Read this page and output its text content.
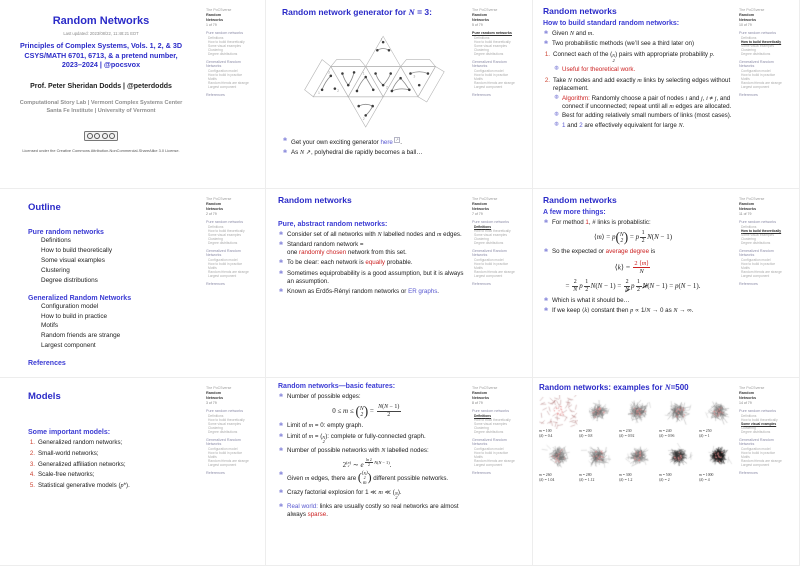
Random Networks
Last updated: 2023/08/22, 11:48:21 EDT
Principles of Complex Systems, Vols. 1, 2, & 3D
CSYS/MATH 6701, 6713, & a pretend number,
2023–2024 | @pocsvox
Prof. Peter Sheridan Dodds | @peterdodds
Computational Story Lab | Vermont Complex Systems Center
Santa Fe Institute | University of Vermont
Licensed under the Creative Commons Attribution-NonCommercial-ShareAlike 3.0 License.
The PoCSverse
Random Networks
1 of 79
Pure random networks
Definitions
How to build theoretically
Some visual examples
Clustering
Degree distributions
Generalized Random Networks
Configuration model
How to build in practice
Motifs
Random friends are strange
Largest component
References
Random network generator for N = 3:
1	2
3	1
2
3
1
2
❀ Get your own exciting generator here ↗ .
❀ As N ↗, polyhedral die rapidly becomes a ball…
The PoCSverse
Random Networks
5 of 79
Pure random networks
Definitions
How to build theoretically
Some visual examples
Clustering
Degree distributions
Generalized Random Networks
Configuration model
How to build in practice
Motifs
Random friends are strange
Largest component
References
Random networks
How to build standard random networks:
❀ Given N and m.
❀ Two probabilistic methods (we’ll see a third later on)
1. Connect each of the ( N
2
) pairs with appropriate probability p.
◍ Useful for theoretical work.
2. Take N nodes and add exactly m links by selecting edges without replacement.
◍ Algorithm: Randomly choose a pair of nodes i and j, i ≠ j, and connect if unconnected; repeat until all m edges are allocated.
◍ Best for adding relatively small numbers of links (most cases).
◍ 1 and 2 are effectively equivalent for large N.
The PoCSverse
Random Networks
10 of 79
Pure random networks
Definitions
How to build theoretically
Some visual examples
Clustering
Degree distributions
Generalized Random Networks
Configuration model
How to build in practice
Motifs
Random friends are strange
Largest component
References
Outline
Pure random networks
Definitions
How to build theoretically
Some visual examples
Clustering
Degree distributions
Generalized Random Networks
Configuration model
How to build in practice
Motifs
Random friends are strange
Largest component
References
The PoCSverse
Random Networks
2 of 79
Pure random networks
Definitions
How to build theoretically
Some visual examples
Clustering
Degree distributions
Generalized Random Networks
Configuration model
How to build in practice
Motifs
Random friends are strange
Largest component
References
Random networks
Pure, abstract random networks:
❀ Consider set of all networks with N labelled nodes and m edges.
❀ Standard random network =
one randomly chosen network from this set.
❀ To be clear: each network is equally probable.
❀ Sometimes equiprobability is a good assumption, but it is always an assumption.
❀ Known as Erdős-Rényi random networks or ER graphs.
The PoCSverse
Random Networks
7 of 79
Pure random networks
Definitions
How to build theoretically
Some visual examples
Clustering
Degree distributions
Generalized Random Networks
Configuration model
How to build in practice
Motifs
Random friends are strange
Largest component
References
Random networks
A few more things:
❀ For method 1, # links is probablistic:
⟨m⟩ = p( N
2 ) = p $\frac{1}{2} N(N - 1)$
❀ So the expected or average degree is
⟨k⟩ = $\frac{2 ⟨m⟩}{N}$
= $\frac{2}{N}$ p $\frac{1}{2} N(N - 1) = \frac{2}{N}$ p $\frac{1}{2} N(N - 1) = p(N - 1)$.
❀ Which is what it should be…
❀ If we keep ⟨k⟩ constant then p ∝ 1/N → 0 as N → ∞.
The PoCSverse
Random Networks
11 of 79
Pure random networks
Definitions
How to build theoretically
Some visual examples
Clustering
Degree distributions
Generalized Random Networks
Configuration model
How to build in practice
Motifs
Random friends are strange
Largest component
References
Models
Some important models:
1. Generalized random networks;
2. Small-world networks;
3. Generalized affiliation networks;
4. Scale-free networks;
5. Statistical generative models (p*).
The PoCSverse
Random Networks
3 of 79
Pure random networks
Definitions
How to build theoretically
Some visual examples
Clustering
Degree distributions
Generalized Random Networks
Configuration model
How to build in practice
Motifs
Random friends are strange
Largest component
References
Random networks—basic features:
❀ Number of possible edges:
0 ≤ m ≤ ( N
2 ) = $\frac{N(N - 1)}{2}$
❀ Limit of m = 0: empty graph.
❀ Limit of m = ( N
2
): complete or fully-connected graph.
❀ Number of possible networks with N labelled nodes:
$2^{( N 2 )}$ ∼ e $^{\frac{\ln 2}{2} N(N - 1)}$.
❀
Given m edges, there are ( ( N
2
)
m ) different possible networks.
❀ Crazy factorial explosion for 1 ≪ m ≪ ( N
2
).
❀ Real world: links are usually costly so real networks are almost always sparse.
The PoCSverse
Random Networks
8 of 79
Pure random networks
Definitions
How to build theoretically
Some visual examples
Clustering
Degree distributions
Generalized Random Networks
Configuration model
How to build in practice
Motifs
Random friends are strange
Largest component
References
Random networks: examples for N=500
m = 100
⟨k⟩ = 0.4
m = 200
⟨k⟩ = 0.8
m = 230
⟨k⟩ = 0.92
m = 240
⟨k⟩ = 0.96
m = 250
⟨k⟩ = 1
m = 260
⟨k⟩ = 1.04
m = 280
⟨k⟩ = 1.12
m = 300
⟨k⟩ = 1.2
m = 500
⟨k⟩ = 2
m = 1000
⟨k⟩ = 4
The PoCSverse
Random Networks
14 of 79
Pure random networks
Definitions
How to build theoretically
Some visual examples
Clustering
Degree distributions
Generalized Random Networks
Configuration model
How to build in practice
Motifs
Random friends are strange
Largest component
References
